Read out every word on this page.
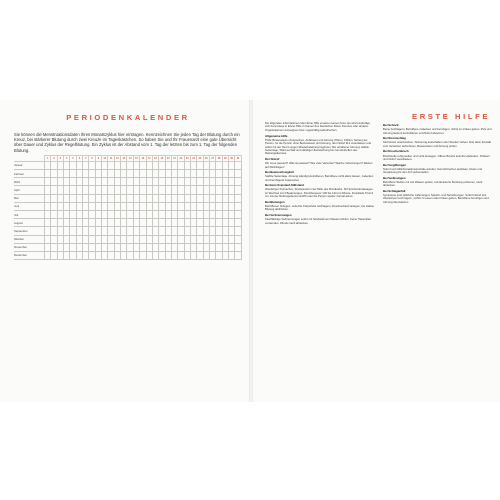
PERIODENKALENDER

Sie können die Menstruationsdaten Ihres Monatszyklus hier eintragen. Kennzeichnen Sie jeden Tag der Blutung durch ein Kreuz, bei stärkerer Blutung durch zwei Kreuze im Tageskästchen. So haben Sie und Ihr Frauenarzt eine gute Übersicht über Dauer und Zyklus der Regelblutung. Ein Zyklus ist der Abstand vom 1. Tag der letzten bis zum 1. Tag der folgenden Blutung.

	1	2	3	4	5	6	7	8	9	10	11	12	13	14	15	16	17	18	19	20	21	22	23	24	25	26	27	28	29	30	31
Januar																															
Februar																															
März																															
April																															
Mai																															
Juni																															
Juli																															
August																															
September																															
Oktober																															
November																															
Dezember																															
ERSTE HILFE

Die folgenden Informationen über Erste Hilfe ersetzen keinen Kurs. Es wird empfohlen, sich Kenntnisse in Erster Hilfe in Kursen des Deutschen Roten Kreuzes oder anderer Organisationen anzueignen bzw. regelmäßig aufzufrischen.

Allgemeine Hilfe

Prüfe Bewusstsein (Ansprechen, Anfassen) und Atmung (Hören, Fühlen, Sehen) der Person. Ist die Person ohne Bewusstsein und Atmung, den Notruf 112 veranlassen und sofort mit der Herz-Lungen-Wiederbelebung beginnen. Bei erhaltener Atmung: stabile Seitenlage, Wärmeerhalt und ständige Überwachung bis zum Eintreffen des Rettungsdienstes.

Der Notruf

Wo ist es passiert? Was ist passiert? Wie viele Verletzte? Welche Verletzungen? Warten auf Rückfragen!

Bei Bewusstlosigkeit

Stabile Seitenlage. Atmung ständig kontrollieren. Betroffene nicht allein lassen, zudecken und beruhigend zusprechen.

Bei Herz-Kreislauf-Stillstand

Oberkörper freimachen, Druckpunkt in der Mitte des Brustkorbs. 30 Herzdruckmassagen im Wechsel mit 2 Beatmungen. Druckfrequenz 100 bis 120 pro Minute, Drucktiefe 5 bis 6 cm, bis der Rettungsdienst eintrifft oder die Person wieder normal atmet.

Bei Blutungen

Betroffenen hinlegen, verletzte Körperteile hochlagern. Druckverband anlegen, bei starker Blutung abdrücken.

Bei Verbrennungen

Kleinflächige Verbrennungen sofort mit handwarmem Wasser kühlen. Keine Hausmittel verwenden, Wunde steril abdecken.

Bei Schock

Beine hochlagern, Betroffene zudecken und beruhigen, nichts zu trinken geben. Puls und Atmung laufend kontrollieren und Notruf absetzen.

Bei Stromschlag

Stromkreis unterbrechen, Sicherung ausschalten oder Stecker ziehen. Erst dann Kontakt zum Verletzten aufnehmen, Bewusstsein und Atmung prüfen.

Bei Knochenbruch

Bruchstelle ruhig stellen und nicht bewegen. Offene Brüche keimfrei abdecken. Polstern und Notruf veranlassen.

Bei Vergiftungen

Notruf und Giftinformationszentrale anrufen. Kein Erbrechen auslösen, Reste und Verpackung für den Arzt sicherstellen.

Bei Verätzungen

Betroffene Stellen mit viel Wasser spülen, kontaminierte Kleidung entfernen, steril abdecken.

Bei Schlaganfall

Symptome sind plötzliche Lähmungen, Sprach- und Sehstörungen. Sofort Notruf 112, Oberkörper hoch lagern, nichts zu essen oder trinken geben, Betroffene beruhigen und Atmung überwachen.
